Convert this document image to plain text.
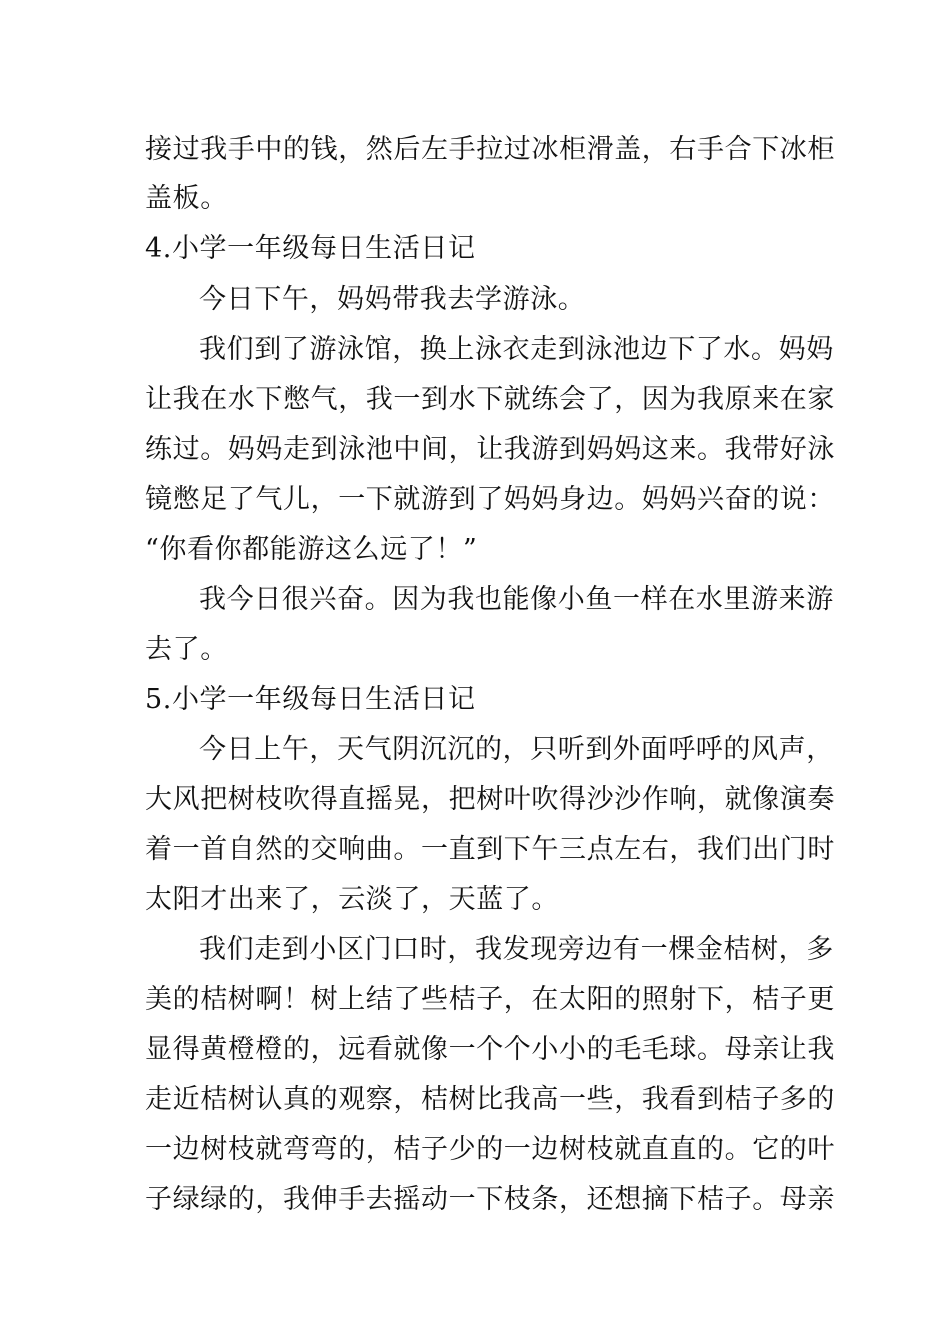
接过我手中的钱，然后左手拉过冰柜滑盖，右手合下冰柜
盖板。
4.小学一年级每日生活日记
今日下午，妈妈带我去学游泳。
我们到了游泳馆，换上泳衣走到泳池边下了水。妈妈
让我在水下憋气，我一到水下就练会了，因为我原来在家
练过。妈妈走到泳池中间，让我游到妈妈这来。我带好泳
镜憋足了气儿，一下就游到了妈妈身边。妈妈兴奋的说：
“你看你都能游这么远了！”
我今日很兴奋。因为我也能像小鱼一样在水里游来游
去了。
5.小学一年级每日生活日记
今日上午，天气阴沉沉的，只听到外面呼呼的风声，
大风把树枝吹得直摇晃，把树叶吹得沙沙作响，就像演奏
着一首自然的交响曲。一直到下午三点左右，我们出门时
太阳才出来了，云淡了，天蓝了。
我们走到小区门口时，我发现旁边有一棵金桔树，多
美的桔树啊！树上结了些桔子，在太阳的照射下，桔子更
显得黄橙橙的，远看就像一个个小小的毛毛球。母亲让我
走近桔树认真的观察，桔树比我高一些，我看到桔子多的
一边树枝就弯弯的，桔子少的一边树枝就直直的。它的叶
子绿绿的，我伸手去摇动一下枝条，还想摘下桔子。母亲
